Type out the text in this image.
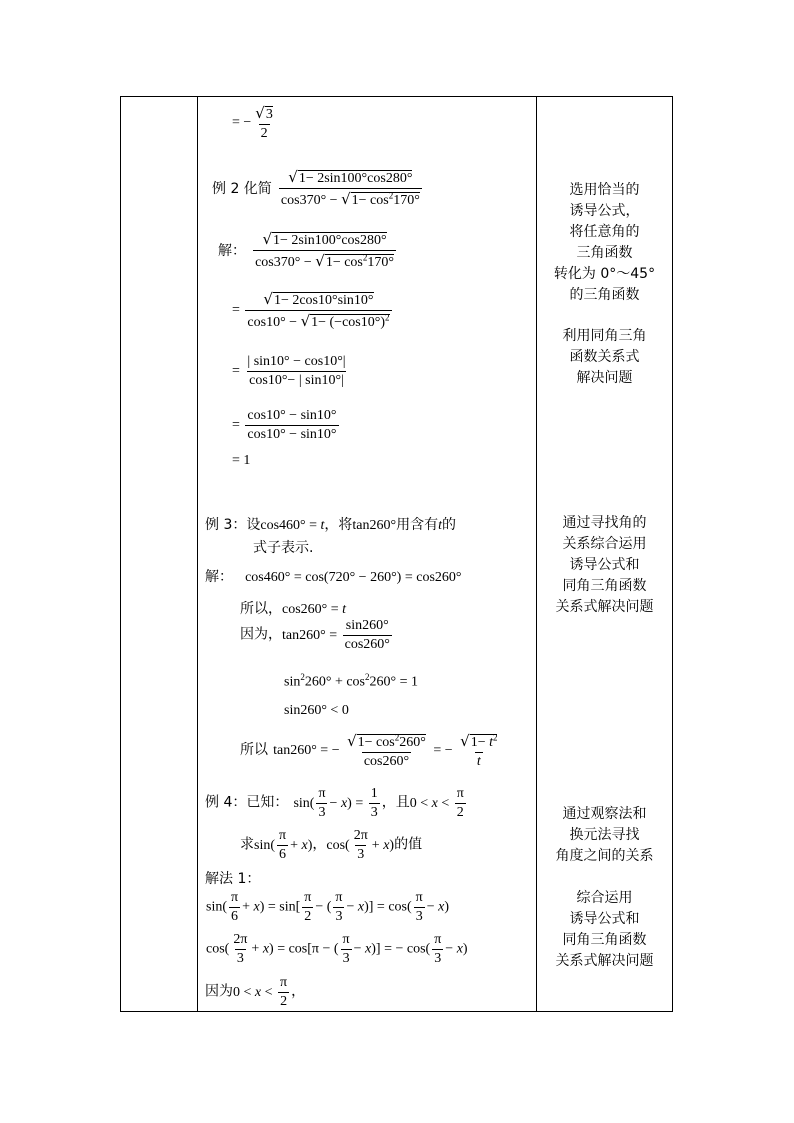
= − $\frac{√3}{2}$
例 2 化简 $\frac{√1- 2\sin 100^\circ\cos 280^\circ}{\cos 370^\circ - √1- \cos^2170^\circ}$
解： $\frac{√1- 2\sin 100^\circ\cos 280^\circ}{\cos 370^\circ - √1- \cos^2170^\circ}$
= $\frac{√1- 2\cos 10^\circ\sin 10^\circ}{\cos 10^\circ - √1- (-\cos 10^\circ)^2}$
= $\frac{| \sin 10^\circ - \cos 10^\circ|}{\cos 10^\circ- | \sin 10^\circ|}$
= $\frac{\cos 10^\circ - \sin 10^\circ}{\cos 10^\circ - \sin 10^\circ}$
= 1
例 3：设cos460° = t，将tan260°用含有t的
式子表示.
解：   cos460° = cos(720° − 260°) = cos260°
所以，cos260° = t
因为，$\tan 260^\circ = \frac{\sin 260^\circ}{\cos 260^\circ}$
$\sin^2260^\circ + \cos^2260^\circ = 1$
sin260° < 0
所以 tan260° = − $\frac{√1- \cos^2260^\circ}{\cos 260^\circ}$ = − $\frac{√1- t^2}{t}$
例 4：已知： $\sin( \frac{\pi}{3} - x) = \frac{1}{3}$ ，且$0 < x < \frac{\pi}{2}$
求$\sin( \frac{\pi}{6} + x)$，$\cos( \frac{2\pi}{3} + x)$的值
解法 1：
$\sin( \frac{\pi}{6} + x) = \sin[ \frac{\pi}{2}$ − ( $\frac{\pi}{3} - x)] = \cos( \frac{\pi}{3} - x)$
$\cos( \frac{2\pi}{3} + x) = \cos[\pi$ − ( $\frac{\pi}{3} - x$)] = − $\cos( \frac{\pi}{3} - x)$
因为$0 < x < \frac{\pi}{2}$ ，
选用恰当的
诱导公式，
将任意角的
三角函数
转化为 0°～45°
的三角函数
利用同角三角
函数关系式
解决问题
通过寻找角的
关系综合运用
诱导公式和
同角三角函数
关系式解决问题
通过观察法和
换元法寻找
角度之间的关系
综合运用
诱导公式和
同角三角函数
关系式解决问题
